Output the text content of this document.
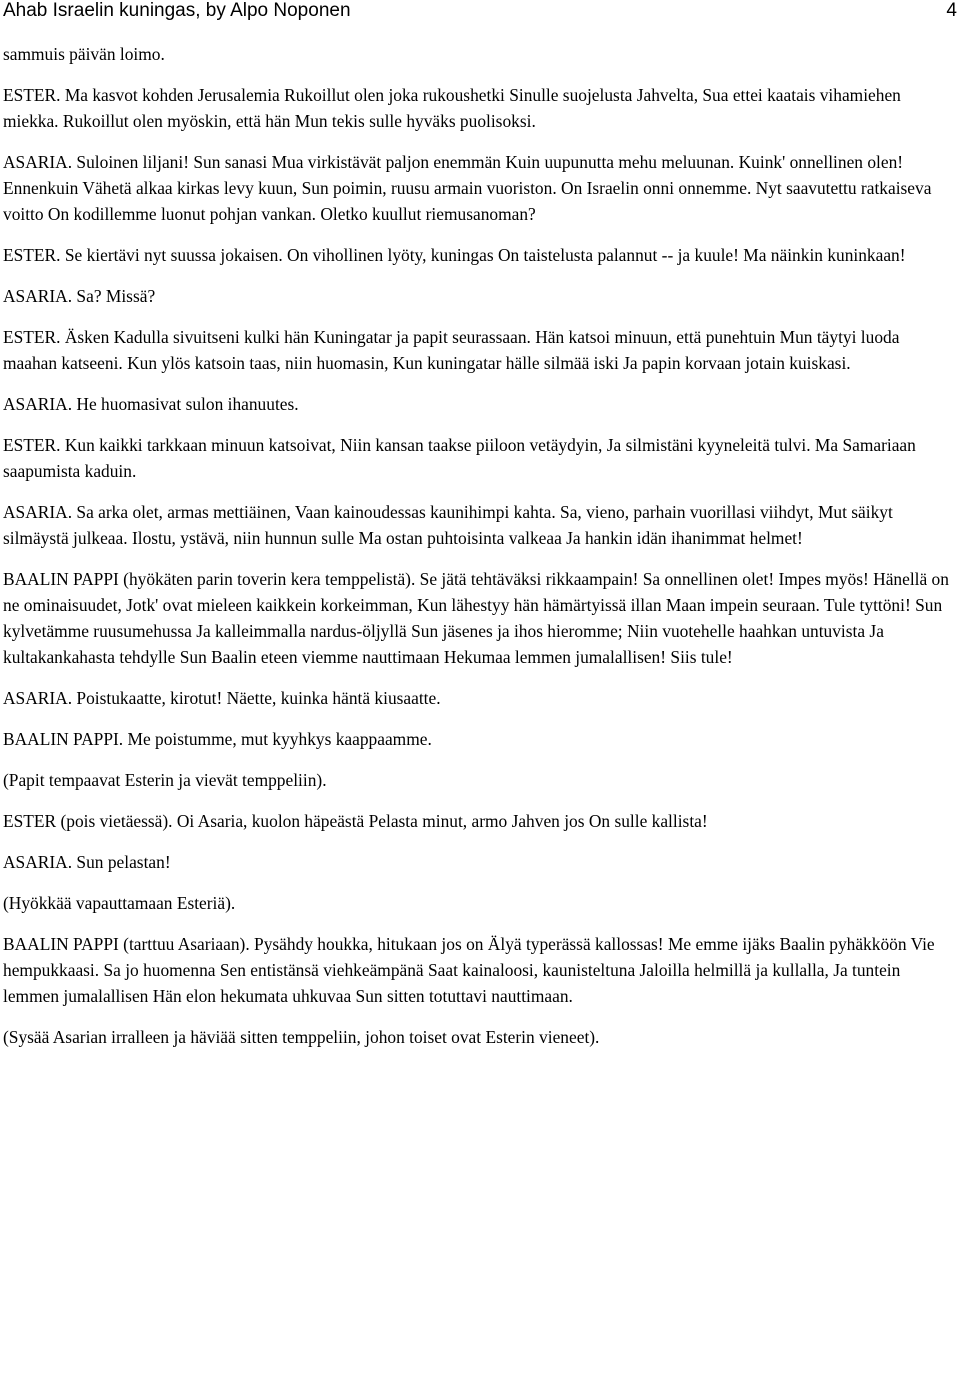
Ahab Israelin kuningas, by Alpo Noponen	4

sammuis päivän loimo.

ESTER. Ma kasvot kohden Jerusalemia Rukoillut olen joka rukoushetki Sinulle suojelusta Jahvelta, Sua ettei kaatais vihamiehen miekka. Rukoillut olen myöskin, että hän Mun tekis sulle hyväks puolisoksi.

ASARIA. Suloinen liljani! Sun sanasi Mua virkistävät paljon enemmän Kuin uupunutta mehu meluunan. Kuink' onnellinen olen! Ennenkuin Vähetä alkaa kirkas levy kuun, Sun poimin, ruusu armain vuoriston. On Israelin onni onnemme. Nyt saavutettu ratkaiseva voitto On kodillemme luonut pohjan vankan. Oletko kuullut riemusanoman?

ESTER. Se kiertävi nyt suussa jokaisen. On vihollinen lyöty, kuningas On taistelusta palannut -- ja kuule! Ma näinkin kuninkaan!

ASARIA. Sa? Missä?

ESTER. Äsken Kadulla sivuitseni kulki hän Kuningatar ja papit seurassaan. Hän katsoi minuun, että punehtuin Mun täytyi luoda maahan katseeni. Kun ylös katsoin taas, niin huomasin, Kun kuningatar hälle silmää iski Ja papin korvaan jotain kuiskasi.

ASARIA. He huomasivat sulon ihanuutes.

ESTER. Kun kaikki tarkkaan minuun katsoivat, Niin kansan taakse piiloon vetäydyin, Ja silmistäni kyyneleitä tulvi. Ma Samariaan saapumista kaduin.

ASARIA. Sa arka olet, armas mettiäinen, Vaan kainoudessas kaunihimpi kahta. Sa, vieno, parhain vuorillasi viihdyt, Mut säikyt silmäystä julkeaa. Ilostu, ystävä, niin hunnun sulle Ma ostan puhtoisinta valkeaa Ja hankin idän ihanimmat helmet!

BAALIN PAPPI (hyökäten parin toverin kera temppelistä). Se jätä tehtäväksi rikkaampain! Sa onnellinen olet! Impes myös! Hänellä on ne ominaisuudet, Jotk' ovat mieleen kaikkein korkeimman, Kun lähestyy hän hämärtyissä illan Maan impein seuraan. Tule tyttöni! Sun kylvetämme ruusumehussa Ja kalleimmalla nardus-öljyllä Sun jäsenes ja ihos hieromme; Niin vuotehelle haahkan untuvista Ja kultakankahasta tehdylle Sun Baalin eteen viemme nauttimaan Hekumaa lemmen jumalallisen! Siis tule!

ASARIA. Poistukaatte, kirotut! Näette, kuinka häntä kiusaatte.

BAALIN PAPPI. Me poistumme, mut kyyhkys kaappaamme.

(Papit tempaavat Esterin ja vievät temppeliin).

ESTER (pois vietäessä). Oi Asaria, kuolon häpeästä Pelasta minut, armo Jahven jos On sulle kallista!

ASARIA. Sun pelastan!

(Hyökkää vapauttamaan Esteriä).

BAALIN PAPPI (tarttuu Asariaan). Pysähdy houkka, hitukaan jos on Älyä typerässä kallossas! Me emme ijäks Baalin pyhäkköön Vie hempukkaasi. Sa jo huomenna Sen entistänsä viehkeämpänä Saat kainaloosi, kaunisteltuna Jaloilla helmillä ja kullalla, Ja tuntein lemmen jumalallisen Hän elon hekumata uhkuvaa Sun sitten totuttavi nauttimaan.

(Sysää Asarian irralleen ja häviää sitten temppeliin, johon toiset ovat Esterin vieneet).
